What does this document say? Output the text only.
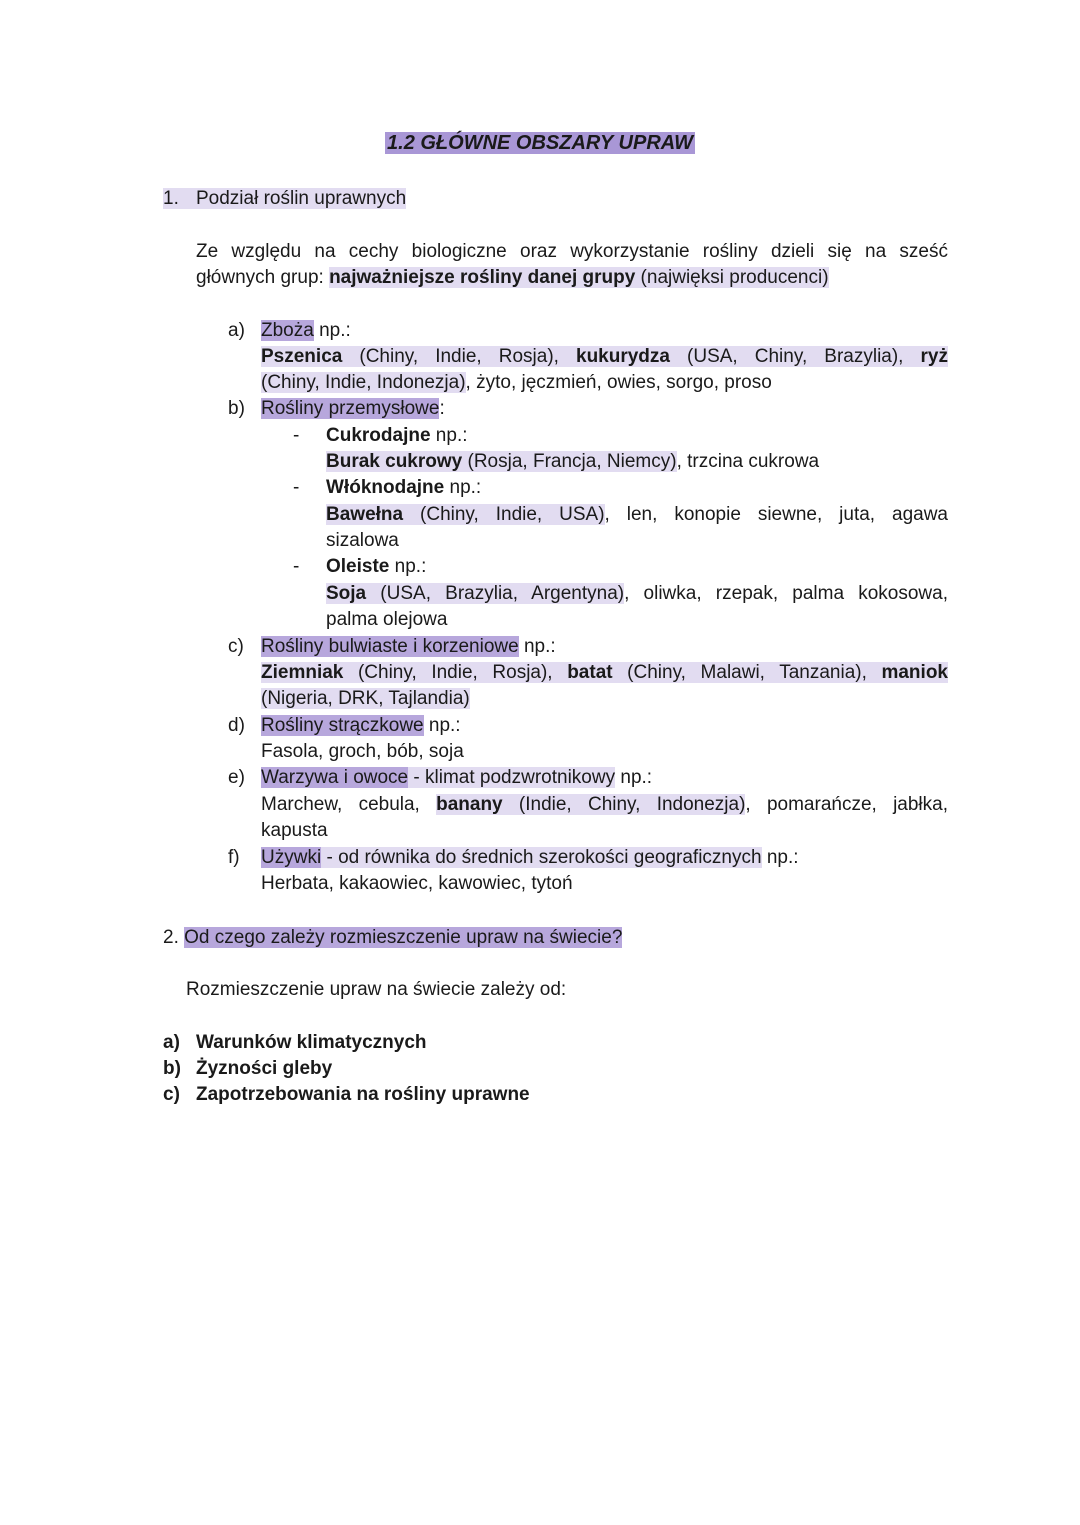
1.2 GŁÓWNE OBSZARY UPRAW
1. Podział roślin uprawnych
Ze względu na cechy biologiczne oraz wykorzystanie rośliny dzieli się na sześć
głównych grup: najważniejsze rośliny danej grupy (najwięksi producenci)
a) Zboża np.:
Pszenica (Chiny, Indie, Rosja), kukurydza (USA, Chiny, Brazylia), ryż
(Chiny, Indie, Indonezja), żyto, jęczmień, owies, sorgo, proso
b) Rośliny przemysłowe:
- Cukrodajne np.:
Burak cukrowy (Rosja, Francja, Niemcy), trzcina cukrowa
- Włóknodajne np.:
Bawełna (Chiny, Indie, USA), len, konopie siewne, juta, agawa
sizalowa
- Oleiste np.:
Soja (USA, Brazylia, Argentyna), oliwka, rzepak, palma kokosowa,
palma olejowa
c) Rośliny bulwiaste i korzeniowe np.:
Ziemniak (Chiny, Indie, Rosja), batat (Chiny, Malawi, Tanzania), maniok
(Nigeria, DRK, Tajlandia)
d) Rośliny strączkowe np.:
Fasola, groch, bób, soja
e) Warzywa i owoce - klimat podzwrotnikowy np.:
Marchew, cebula, banany (Indie, Chiny, Indonezja), pomarańcze, jabłka,
kapusta
f)	Używki - od równika do średnich szerokości geograficznych np.:
Herbata, kakaowiec, kawowiec, tytoń
2. Od czego zależy rozmieszczenie upraw na świecie?
Rozmieszczenie upraw na świecie zależy od:
a) Warunków klimatycznych
b) Żyzności gleby
c) Zapotrzebowania na rośliny uprawne
